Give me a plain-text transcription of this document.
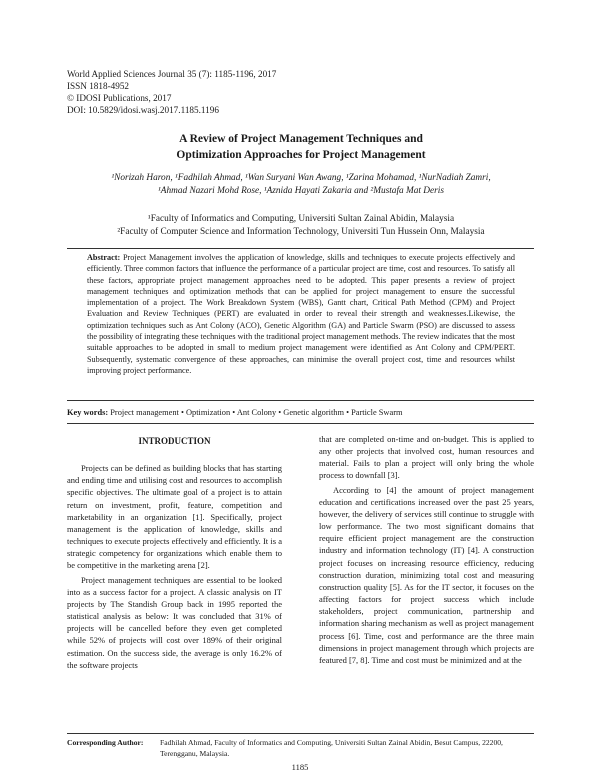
World Applied Sciences Journal 35 (7): 1185-1196, 2017
ISSN 1818-4952
© IDOSI Publications, 2017
DOI: 10.5829/idosi.wasj.2017.1185.1196
A Review of Project Management Techniques and
Optimization Approaches for Project Management
¹Norizah Haron, ¹Fadhilah Ahmad, ¹Wan Suryani Wan Awang, ¹Zarina Mohamad, ¹NurNadiah Zamri,
¹Ahmad Nazari Mohd Rose, ¹Aznida Hayati Zakaria and ²Mustafa Mat Deris
¹Faculty of Informatics and Computing, Universiti Sultan Zainal Abidin, Malaysia
²Faculty of Computer Science and Information Technology, Universiti Tun Hussein Onn, Malaysia
Abstract: Project Management involves the application of knowledge, skills and techniques to execute projects effectively and efficiently. Three common factors that influence the performance of a particular project are time, cost and resources. To satisfy all these factors, appropriate project management approaches need to be adopted. This paper presents a review of project management techniques and optimization methods that can be applied for project management to ensure the successful implementation of a project. The Work Breakdown System (WBS), Gantt chart, Critical Path Method (CPM) and Project Evaluation and Review Techniques (PERT) are evaluated in order to reveal their strength and weaknesses.Likewise, the optimization techniques such as Ant Colony (ACO), Genetic Algorithm (GA) and Particle Swarm (PSO) are discussed to assess the possibility of integrating these techniques with the traditional project management methods. The review indicates that the most suitable approaches to be adopted in small to medium project management were identified as Ant Colony and CPM/PERT. Subsequently, systematic convergence of these approaches, can minimise the overall project cost, time and resources whilst improving project performance.
Key words: Project management • Optimization • Ant Colony • Genetic algorithm • Particle Swarm
INTRODUCTION

Projects can be defined as building blocks that has starting and ending time and utilising cost and resources to accomplish specific objectives. The ultimate goal of a project is to attain return on investment, profit, feature, competition and marketability in an organization [1]. Specifically, project management is the application of knowledge, skills and techniques to execute projects effectively and efficiently. It is a strategic competency for organizations which enable them to be competitive in the marketing arena [2].

Project management techniques are essential to be looked into as a success factor for a project. A classic analysis on IT projects by The Standish Group back in 1995 reported the statistical analysis as below: It was concluded that 31% of projects will be cancelled before they even get completed while 52% of projects will cost over 189% of their original estimation. On the success side, the average is only 16.2% of the software projects

that are completed on-time and on-budget. This is applied to any other projects that involved cost, human resources and material. Fails to plan a project will only bring the whole process to downfall [3].

According to [4] the amount of project management education and certifications increased over the past 25 years, however, the delivery of services still continue to struggle with low performance. The two most significant domains that require efficient project management are the construction industry and information technology (IT) [4]. A construction project focuses on increasing resource efficiency, reducing construction duration, minimizing total cost and measuring construction quality [5]. As for the IT sector, it focuses on the affecting factors for project success which include stakeholders, project communication, partnership and information sharing mechanism as well as project management process [6]. Time, cost and performance are the three main dimensions in project management through which projects are featured [7, 8]. Time and cost must be minimized and at the

Corresponding Author: Fadhilah Ahmad, Faculty of Informatics and Computing, Universiti Sultan Zainal Abidin, Besut Campus, 22200, Terengganu, Malaysia.
1185
